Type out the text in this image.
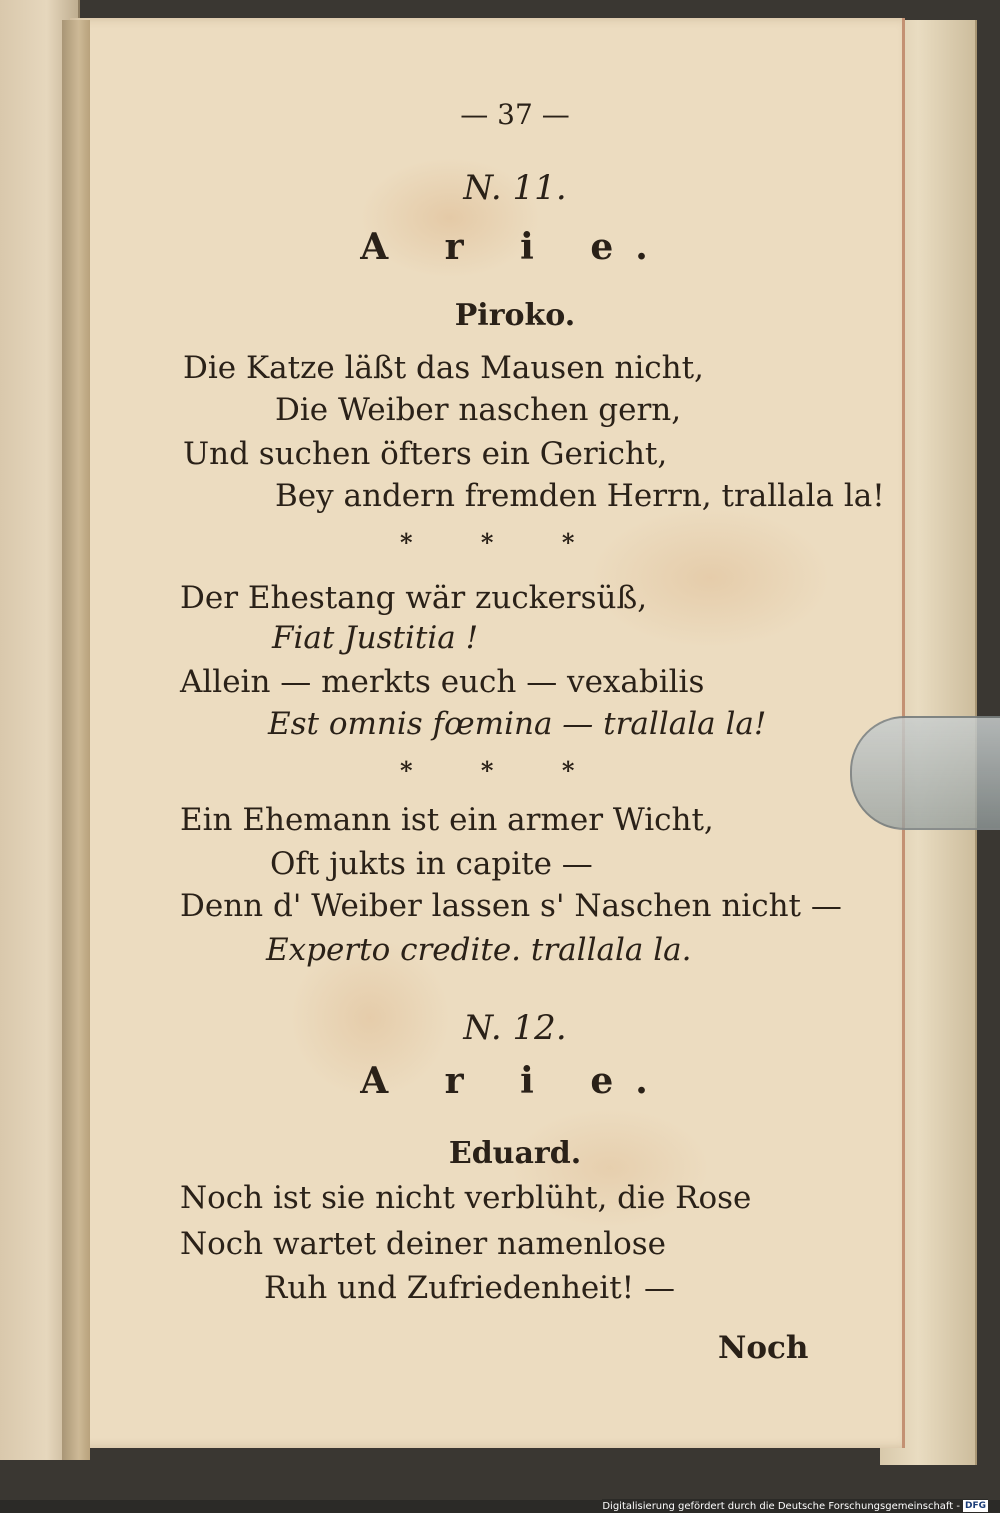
— 37 —
N. 11.
A r i e.
Piroko.
Die Katze läßt das Mausen nicht,
Die Weiber naschen gern,
Und suchen öfters ein Gericht,
Bey andern fremden Herrn, trallala la!
* * *
Der Ehestang wär zuckersüß,
Fiat Justitia !
Allein — merkts euch — vexabilis
Est omnis fœmina — trallala la!
* * *
Ein Ehemann ist ein armer Wicht,
Oft jukts in capite —
Denn d' Weiber lassen s' Naschen nicht —
Experto credite. trallala la.
N. 12.
A r i e.
Eduard.
Noch ist sie nicht verblüht, die Rose
Noch wartet deiner namenlose
Ruh und Zufriedenheit! —
Noch
Digitalisierung gefördert durch die Deutsche Forschungsgemeinschaft - DFG
